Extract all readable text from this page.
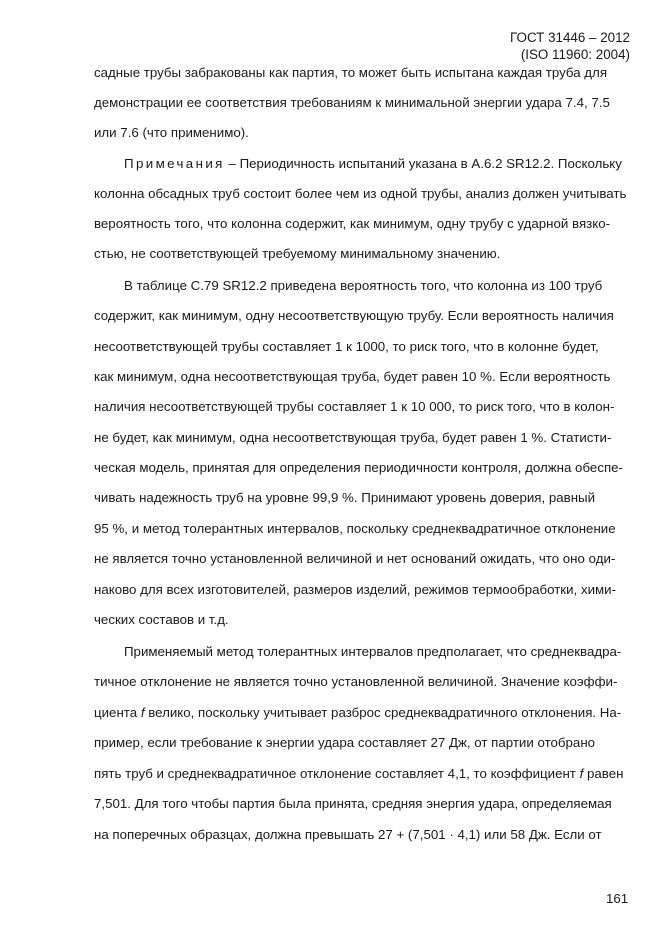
ГОСТ 31446 – 2012
(ISO 11960: 2004)
садные трубы забракованы как партия, то может быть испытана каждая труба для
демонстрации ее соответствия требованиям к минимальной энергии удара 7.4, 7.5
или 7.6 (что применимо).
Примечания – Периодичность испытаний указана в А.6.2 SR12.2. Поскольку
колонна обсадных труб состоит более чем из одной трубы, анализ должен учитывать
вероятность того, что колонна содержит, как минимум, одну трубу с ударной вязко-
стью, не соответствующей требуемому минимальному значению.
В таблице С.79 SR12.2 приведена вероятность того, что колонна из 100 труб
содержит, как минимум, одну несоответствующую трубу. Если вероятность наличия
несоответствующей трубы составляет 1 к 1000, то риск того, что в колонне будет,
как минимум, одна несоответствующая труба, будет равен 10 %. Если вероятность
наличия несоответствующей трубы составляет 1 к 10 000, то риск того, что в колон-
не будет, как минимум, одна несоответствующая труба, будет равен 1 %. Статисти-
ческая модель, принятая для определения периодичности контроля, должна обеспе-
чивать надежность труб на уровне 99,9 %. Принимают уровень доверия, равный
95 %, и метод толерантных интервалов, поскольку среднеквадратичное отклонение
не является точно установленной величиной и нет оснований ожидать, что оно оди-
наково для всех изготовителей, размеров изделий, режимов термообработки, хими-
ческих составов и т.д.
Применяемый метод толерантных интервалов предполагает, что среднеквадра-
тичное отклонение не является точно установленной величиной. Значение коэффи-
циента f велико, поскольку учитывает разброс среднеквадратичного отклонения. На-
пример, если требование к энергии удара составляет 27 Дж, от партии отобрано
пять труб и среднеквадратичное отклонение составляет 4,1, то коэффициент f равен
7,501. Для того чтобы партия была принята, средняя энергия удара, определяемая
на поперечных образцах, должна превышать 27 + (7,501 · 4,1) или 58 Дж. Если от
161
